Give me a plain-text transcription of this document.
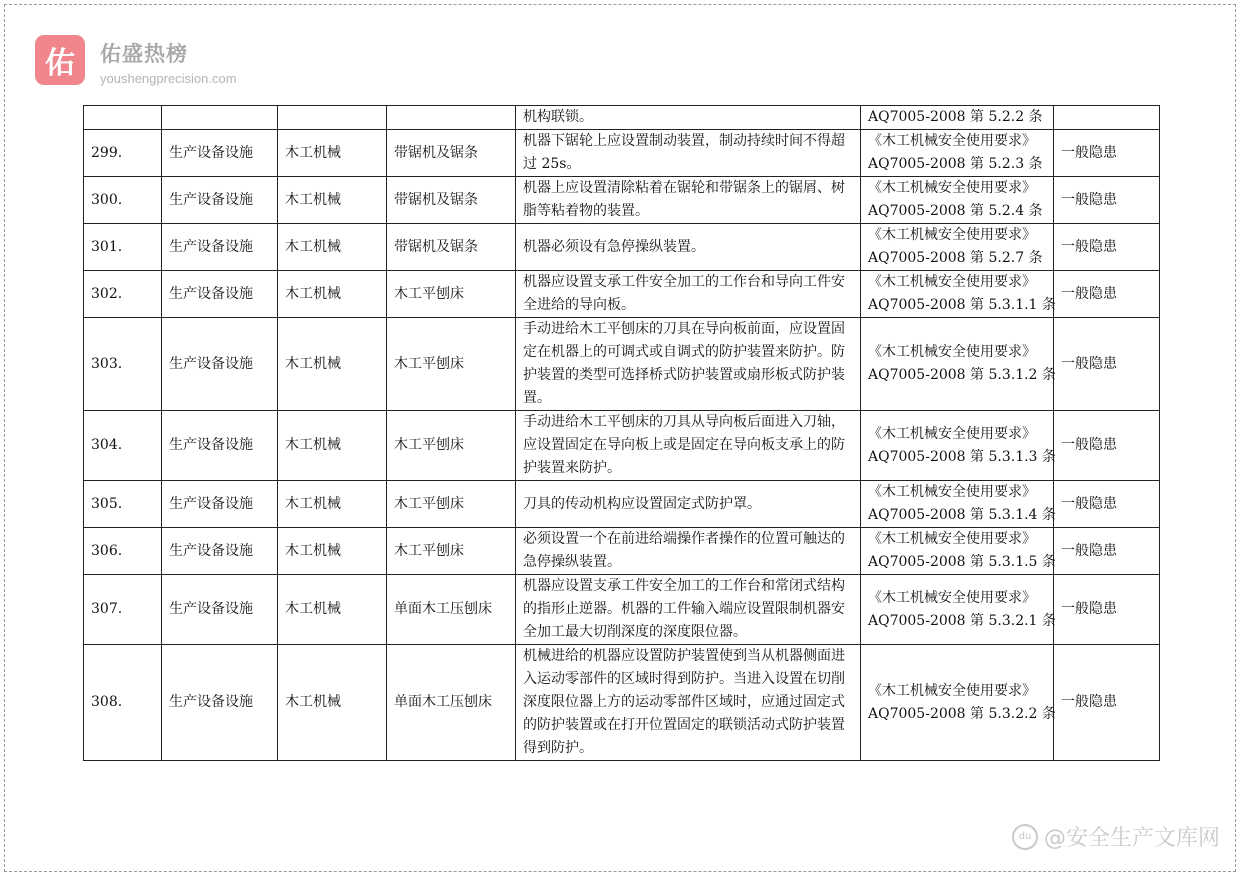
佑	佑盛热榜
youshengprecision.com
				机构联锁。	AQ7005-2008 第 5.2.2 条	

299.	生产设备设施	木工机械	带锯机及锯条	机器下锯轮上应设置制动装置，制动持续时间不得超过 25s。	《木工机械安全使用要求》
AQ7005-2008 第 5.2.3 条	一般隐患
300.	生产设备设施	木工机械	带锯机及锯条	机器上应设置清除粘着在锯轮和带锯条上的锯屑、树脂等粘着物的装置。	《木工机械安全使用要求》
AQ7005-2008 第 5.2.4 条	一般隐患
301.	生产设备设施	木工机械	带锯机及锯条	机器必须设有急停操纵装置。	《木工机械安全使用要求》
AQ7005-2008 第 5.2.7 条	一般隐患
302.	生产设备设施	木工机械	木工平刨床	机器应设置支承工件安全加工的工作台和导向工件安全进给的导向板。	《木工机械安全使用要求》
AQ7005-2008 第 5.3.1.1 条	一般隐患
303.	生产设备设施	木工机械	木工平刨床	手动进给木工平刨床的刀具在导向板前面，应设置固定在机器上的可调式或自调式的防护装置来防护。防护装置的类型可选择桥式防护装置或扇形板式防护装置。	《木工机械安全使用要求》
AQ7005-2008 第 5.3.1.2 条	一般隐患
304.	生产设备设施	木工机械	木工平刨床	手动进给木工平刨床的刀具从导向板后面进入刀轴，应设置固定在导向板上或是固定在导向板支承上的防护装置来防护。	《木工机械安全使用要求》
AQ7005-2008 第 5.3.1.3 条	一般隐患
305.	生产设备设施	木工机械	木工平刨床	刀具的传动机构应设置固定式防护罩。	《木工机械安全使用要求》
AQ7005-2008 第 5.3.1.4 条	一般隐患
306.	生产设备设施	木工机械	木工平刨床	必须设置一个在前进给端操作者操作的位置可触达的急停操纵装置。	《木工机械安全使用要求》
AQ7005-2008 第 5.3.1.5 条	一般隐患
307.	生产设备设施	木工机械	单面木工压刨床	机器应设置支承工件安全加工的工作台和常闭式结构的指形止逆器。机器的工件输入端应设置限制机器安全加工最大切削深度的深度限位器。	《木工机械安全使用要求》
AQ7005-2008 第 5.3.2.1 条	一般隐患
308.	生产设备设施	木工机械	单面木工压刨床	机械进给的机器应设置防护装置使到当从机器侧面进入运动零部件的区域时得到防护。当进入设置在切削深度限位器上方的运动零部件区域时，应通过固定式的防护装置或在打开位置固定的联锁活动式防护装置得到防护。	《木工机械安全使用要求》
AQ7005-2008 第 5.3.2.2 条	一般隐患
du @安全生产文库网
